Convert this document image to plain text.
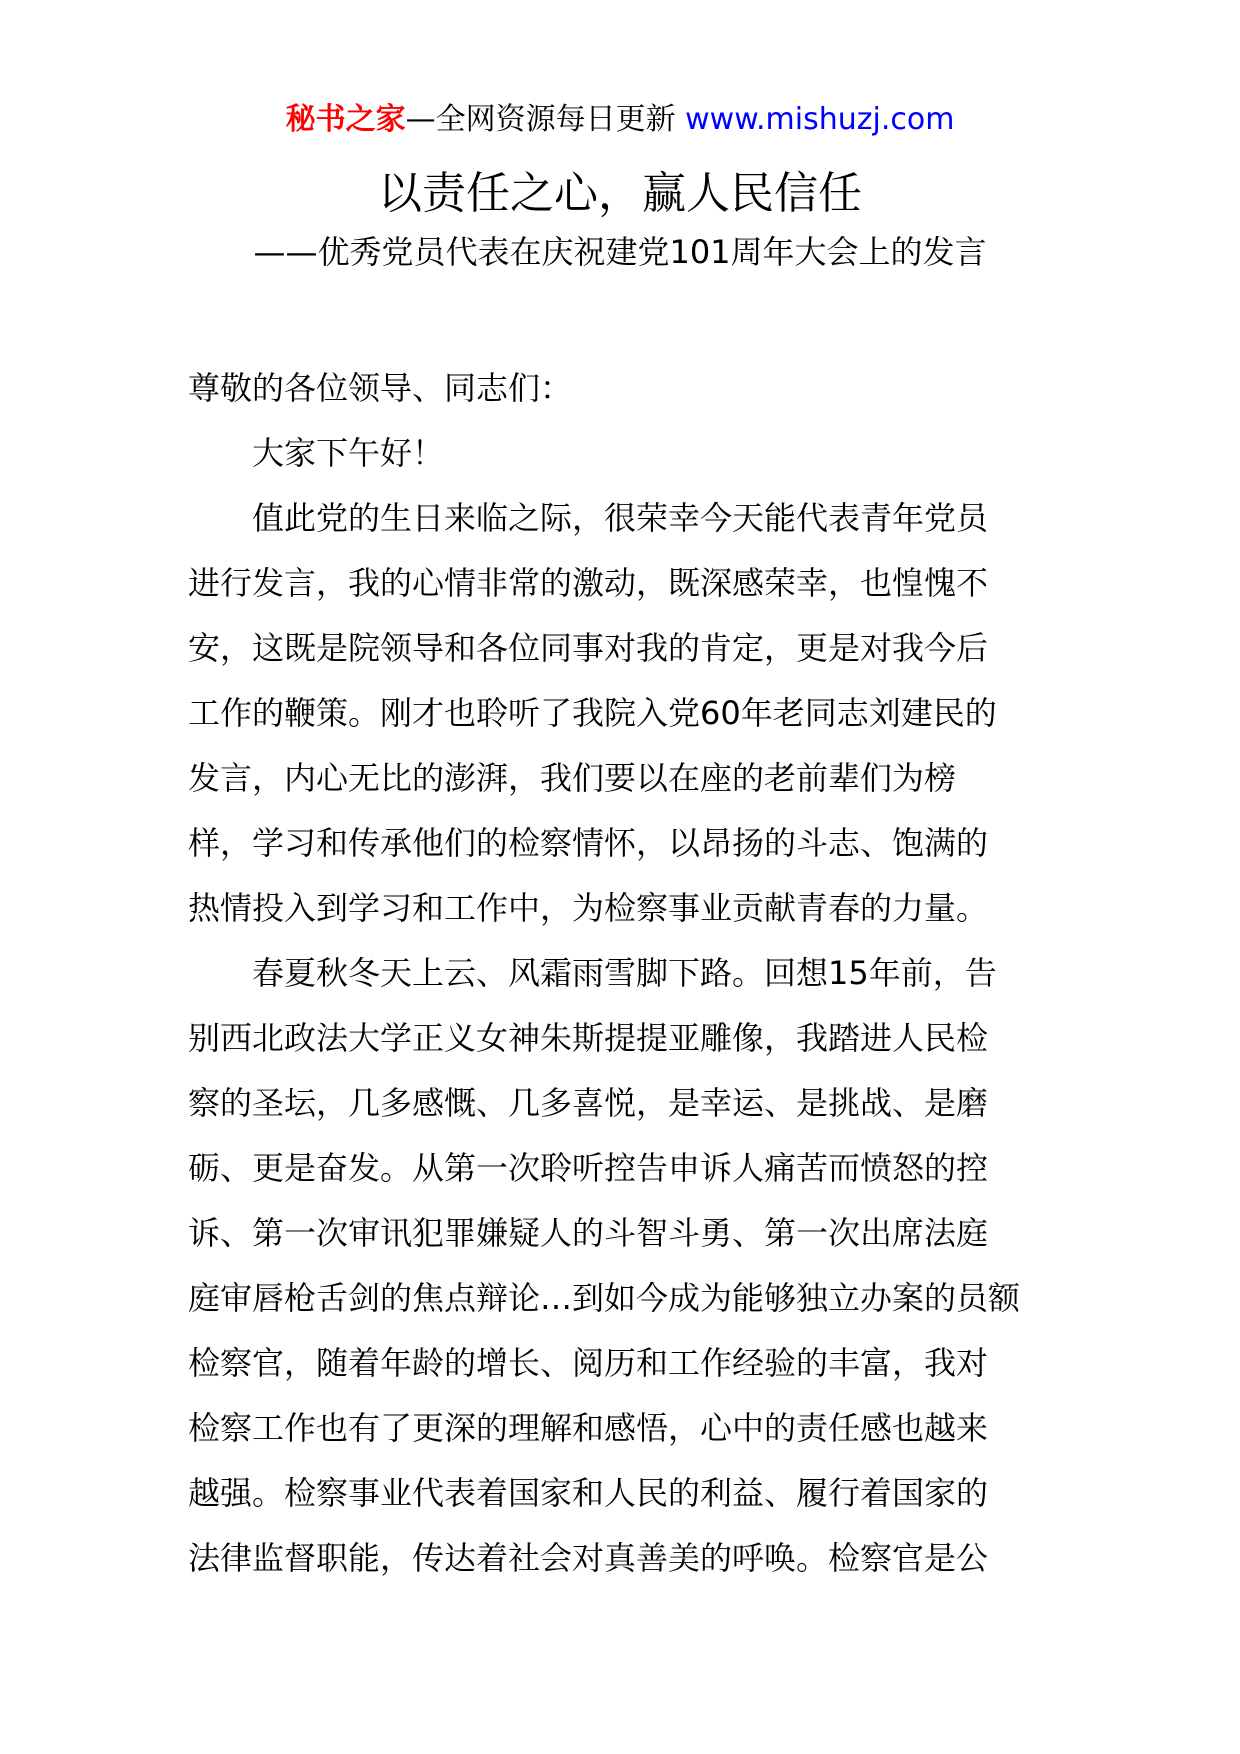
秘书之家—全网资源每日更新 www.mishuzj.com
以责任之心，赢人民信任
——优秀党员代表在庆祝建党101周年大会上的发言

尊敬的各位领导、同志们：

大家下午好！

值此党的生日来临之际，很荣幸今天能代表青年党员

进行发言，我的心情非常的激动，既深感荣幸，也惶愧不

安，这既是院领导和各位同事对我的肯定，更是对我今后

工作的鞭策。刚才也聆听了我院入党60年老同志刘建民的

发言，内心无比的澎湃，我们要以在座的老前辈们为榜

样，学习和传承他们的检察情怀，以昂扬的斗志、饱满的

热情投入到学习和工作中，为检察事业贡献青春的力量。

春夏秋冬天上云、风霜雨雪脚下路。回想15年前，告

别西北政法大学正义女神朱斯提提亚雕像，我踏进人民检

察的圣坛，几多感慨、几多喜悦，是幸运、是挑战、是磨

砺、更是奋发。从第一次聆听控告申诉人痛苦而愤怒的控

诉、第一次审讯犯罪嫌疑人的斗智斗勇、第一次出席法庭

庭审唇枪舌剑的焦点辩论…到如今成为能够独立办案的员额

检察官，随着年龄的增长、阅历和工作经验的丰富，我对

检察工作也有了更深的理解和感悟，心中的责任感也越来

越强。检察事业代表着国家和人民的利益、履行着国家的

法律监督职能，传达着社会对真善美的呼唤。检察官是公
